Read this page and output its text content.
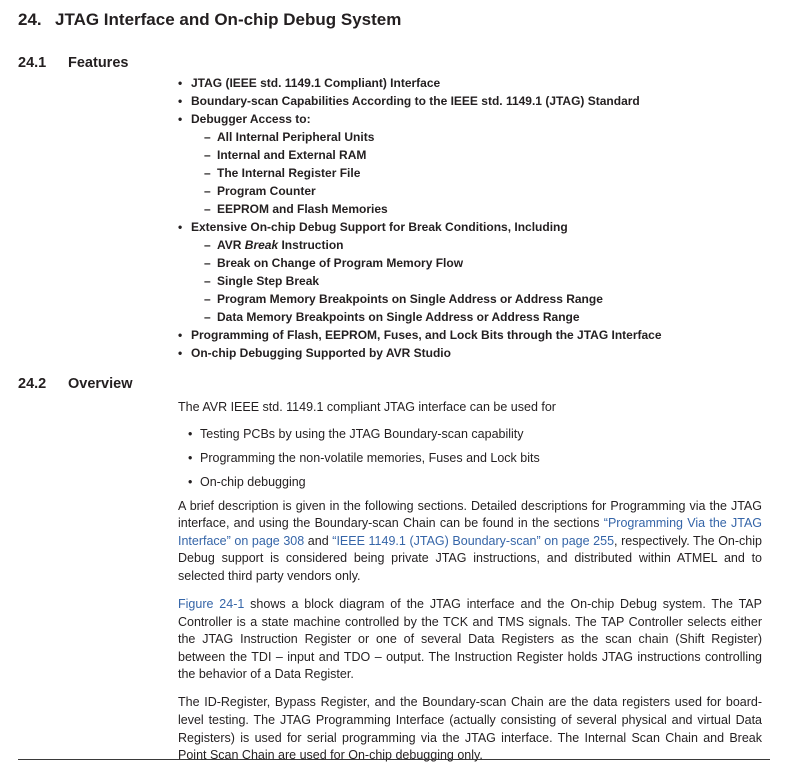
24. JTAG Interface and On-chip Debug System
24.1	Features
• JTAG (IEEE std. 1149.1 Compliant) Interface
• Boundary-scan Capabilities According to the IEEE std. 1149.1 (JTAG) Standard
• Debugger Access to:
– All Internal Peripheral Units
– Internal and External RAM
– The Internal Register File
– Program Counter
– EEPROM and Flash Memories
• Extensive On-chip Debug Support for Break Conditions, Including
– AVR Break Instruction
– Break on Change of Program Memory Flow
– Single Step Break
– Program Memory Breakpoints on Single Address or Address Range
– Data Memory Breakpoints on Single Address or Address Range
• Programming of Flash, EEPROM, Fuses, and Lock Bits through the JTAG Interface
• On-chip Debugging Supported by AVR Studio
24.2	Overview

The AVR IEEE std. 1149.1 compliant JTAG interface can be used for

• Testing PCBs by using the JTAG Boundary-scan capability
• Programming the non-volatile memories, Fuses and Lock bits
• On-chip debugging

A brief description is given in the following sections. Detailed descriptions for Programming via the JTAG interface, and using the Boundary-scan Chain can be found in the sections “Programming Via the JTAG Interface” on page 308 and “IEEE 1149.1 (JTAG) Boundary-scan” on page 255, respectively. The On-chip Debug support is considered being private JTAG instructions, and distributed within ATMEL and to selected third party vendors only.

Figure 24-1 shows a block diagram of the JTAG interface and the On-chip Debug system. The TAP Controller is a state machine controlled by the TCK and TMS signals. The TAP Controller selects either the JTAG Instruction Register or one of several Data Registers as the scan chain (Shift Register) between the TDI – input and TDO – output. The Instruction Register holds JTAG instructions controlling the behavior of a Data Register.

The ID-Register, Bypass Register, and the Boundary-scan Chain are the data registers used for board-level testing. The JTAG Programming Interface (actually consisting of several physical and virtual Data Registers) is used for serial programming via the JTAG interface. The Internal Scan Chain and Break Point Scan Chain are used for On-chip debugging only.
